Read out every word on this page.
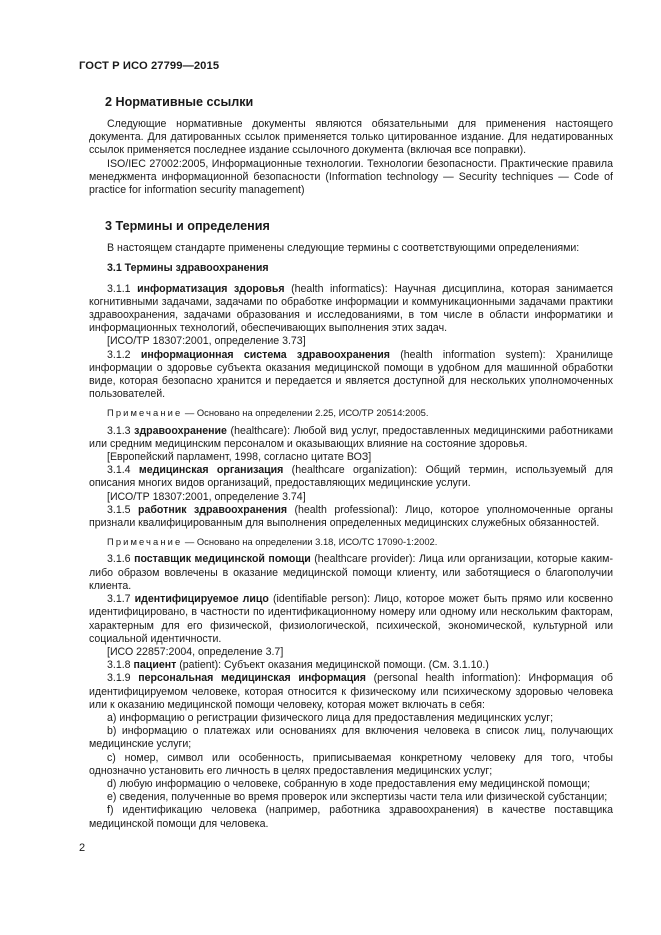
ГОСТ Р ИСО 27799—2015
2 Нормативные ссылки

Следующие нормативные документы являются обязательными для применения настоящего документа. Для датированных ссылок применяется только цитированное издание. Для недатированных ссылок применяется последнее издание ссылочного документа (включая все поправки).

ISO/IEC 27002:2005, Информационные технологии. Технологии безопасности. Практические правила менеджмента информационной безопасности (Information technology — Security techniques — Code of practice for information security management)

3 Термины и определения

В настоящем стандарте применены следующие термины с соответствующими определениями:

3.1 Термины здравоохранения

3.1.1 информатизация здоровья (health informatics): Научная дисциплина, которая занимается когнитивными задачами, задачами по обработке информации и коммуникационными задачами практики здравоохранения, задачами образования и исследованиями, в том числе в области информатики и информационных технологий, обеспечивающих выполнения этих задач.

[ИСО/ТР 18307:2001, определение 3.73]

3.1.2 информационная система здравоохранения (health information system): Хранилище информации о здоровье субъекта оказания медицинской помощи в удобном для машинной обработки виде, которая безопасно хранится и передается и является доступной для нескольких уполномоченных пользователей.

Примечание — Основано на определении 2.25, ИСО/ТР 20514:2005.

3.1.3 здравоохранение (healthcare): Любой вид услуг, предоставленных медицинскими работниками или средним медицинским персоналом и оказывающих влияние на состояние здоровья.

[Европейский парламент, 1998, согласно цитате ВОЗ]

3.1.4 медицинская организация (healthcare organization): Общий термин, используемый для описания многих видов организаций, предоставляющих медицинские услуги.

[ИСО/ТР 18307:2001, определение 3.74]

3.1.5 работник здравоохранения (health professional): Лицо, которое уполномоченные органы признали квалифицированным для выполнения определенных медицинских служебных обязанностей.

Примечание — Основано на определении 3.18, ИСО/ТС 17090-1:2002.

3.1.6 поставщик медицинской помощи (healthcare provider): Лица или организации, которые каким-либо образом вовлечены в оказание медицинской помощи клиенту, или заботящиеся о благополучии клиента.

3.1.7 идентифицируемое лицо (identifiable person): Лицо, которое может быть прямо или косвенно идентифицировано, в частности по идентификационному номеру или одному или нескольким факторам, характерным для его физической, физиологической, психической, экономической, культурной или социальной идентичности.

[ИСО 22857:2004, определение 3.7]

3.1.8 пациент (patient): Субъект оказания медицинской помощи. (См. 3.1.10.)

3.1.9 персональная медицинская информация (personal health information): Информация об идентифицируемом человеке, которая относится к физическому или психическому здоровью человека или к оказанию медицинской помощи человеку, которая может включать в себя:

a) информацию о регистрации физического лица для предоставления медицинских услуг;

b) информацию о платежах или основаниях для включения человека в список лиц, получающих медицинские услуги;

c) номер, символ или особенность, приписываемая конкретному человеку для того, чтобы однозначно установить его личность в целях предоставления медицинских услуг;

d) любую информацию о человеке, собранную в ходе предоставления ему медицинской помощи;

e) сведения, полученные во время проверок или экспертизы части тела или физической субстанции;

f) идентификацию человека (например, работника здравоохранения) в качестве поставщика медицинской помощи для человека.

2
